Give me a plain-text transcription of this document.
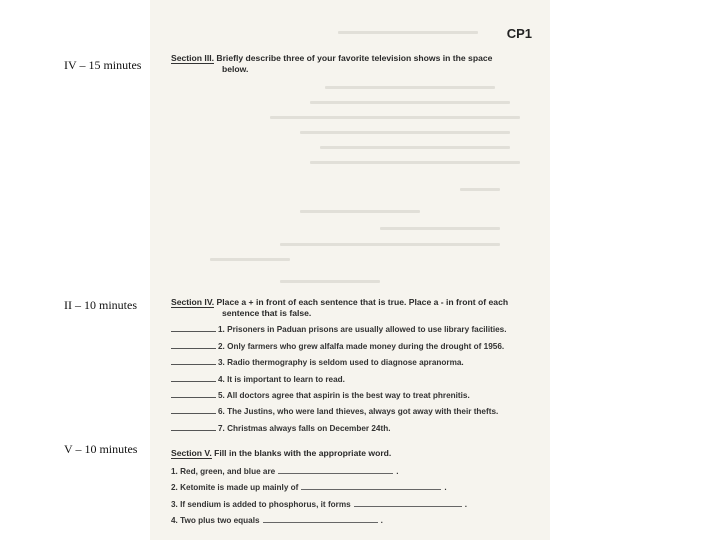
IV – 15 minutes
II – 10 minutes
V – 10 minutes
CP1
Section III. Briefly describe three of your favorite television shows in the space
below.
Section IV. Place a + in front of each sentence that is true. Place a - in front of each
sentence that is false.
1. Prisoners in Paduan prisons are usually allowed to use library facilities.
2. Only farmers who grew alfalfa made money during the drought of 1956.
3. Radio thermography is seldom used to diagnose apranorma.
4. It is important to learn to read.
5. All doctors agree that aspirin is the best way to treat phrenitis.
6. The Justins, who were land thieves, always got away with their thefts.
7. Christmas always falls on December 24th.
Section V. Fill in the blanks with the appropriate word.
1. Red, green, and blue are	.
2. Ketomite is made up mainly of	.
3. If sendium is added to phosphorus, it forms	.
4. Two plus two equals	.
